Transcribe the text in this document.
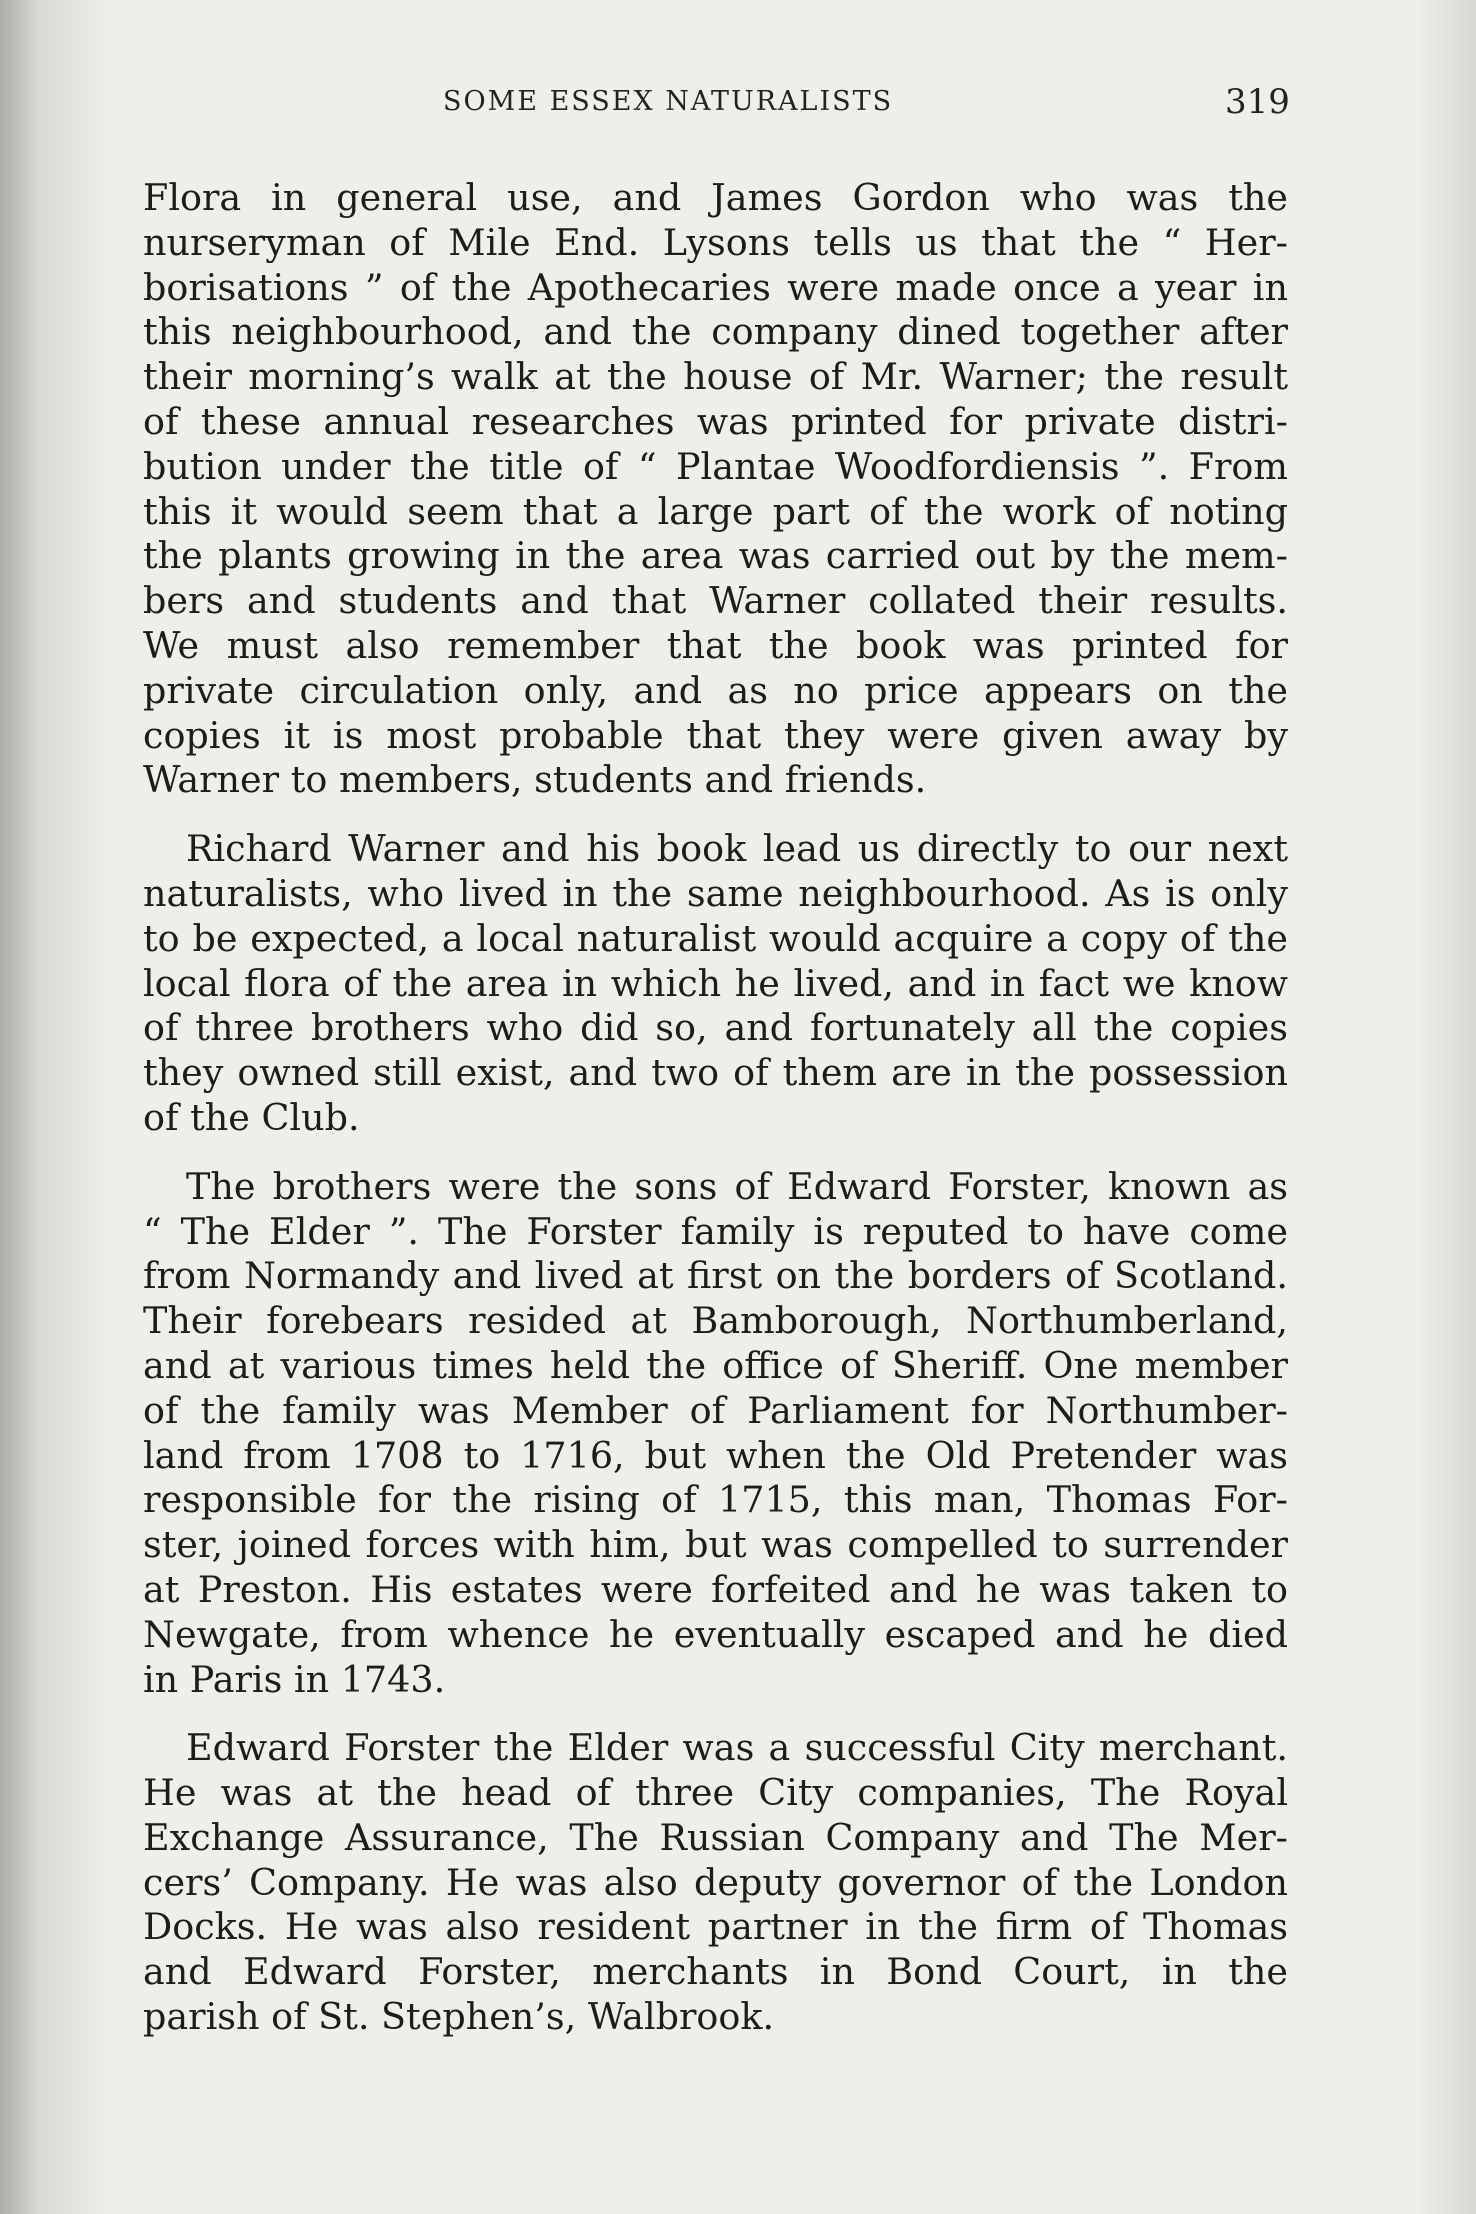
SOME ESSEX NATURALISTS	319
Flora in general use, and James Gordon who was the
nurseryman of Mile End. Lysons tells us that the “ Her-
borisations ” of the Apothecaries were made once a year in
this neighbourhood, and the company dined together after
their morning’s walk at the house of Mr. Warner; the result
of these annual researches was printed for private distri-
bution under the title of “ Plantae Woodfordiensis ”. From
this it would seem that a large part of the work of noting
the plants growing in the area was carried out by the mem-
bers and students and that Warner collated their results.
We must also remember that the book was printed for
private circulation only, and as no price appears on the
copies it is most probable that they were given away by
Warner to members, students and friends.
Richard Warner and his book lead us directly to our next
naturalists, who lived in the same neighbourhood. As is only
to be expected, a local naturalist would acquire a copy of the
local flora of the area in which he lived, and in fact we know
of three brothers who did so, and fortunately all the copies
they owned still exist, and two of them are in the possession
of the Club.
The brothers were the sons of Edward Forster, known as
“ The Elder ”. The Forster family is reputed to have come
from Normandy and lived at first on the borders of Scotland.
Their forebears resided at Bamborough, Northumberland,
and at various times held the office of Sheriff. One member
of the family was Member of Parliament for Northumber-
land from 1708 to 1716, but when the Old Pretender was
responsible for the rising of 1715, this man, Thomas For-
ster, joined forces with him, but was compelled to surrender
at Preston. His estates were forfeited and he was taken to
Newgate, from whence he eventually escaped and he died
in Paris in 1743.
Edward Forster the Elder was a successful City merchant.
He was at the head of three City companies, The Royal
Exchange Assurance, The Russian Company and The Mer-
cers’ Company. He was also deputy governor of the London
Docks. He was also resident partner in the firm of Thomas
and Edward Forster, merchants in Bond Court, in the
parish of St. Stephen’s, Walbrook.
